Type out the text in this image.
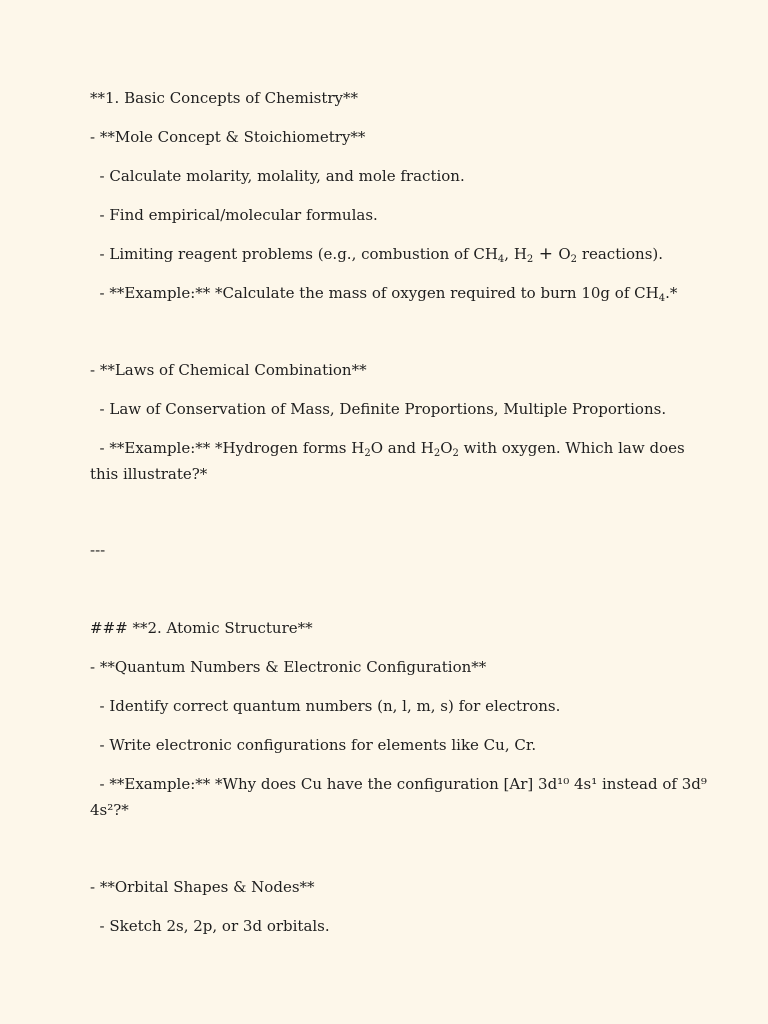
**1. Basic Concepts of Chemistry**
- **Mole Concept & Stoichiometry**
- Calculate molarity, molality, and mole fraction.
- Find empirical/molecular formulas.
- Limiting reagent problems (e.g., combustion of $CH_4$, $H_2 + O_2$ reactions).
- **Example:** *Calculate the mass of oxygen required to burn 10g of $CH_4.*$
- **Laws of Chemical Combination**
- Law of Conservation of Mass, Definite Proportions, Multiple Proportions.
- **Example:** *Hydrogen forms $H_2O$ and $H_2O_2$ with oxygen. Which law does
this illustrate?*
---
### **2. Atomic Structure**
- **Quantum Numbers & Electronic Configuration**
- Identify correct quantum numbers (n, l, m, s) for electrons.
- Write electronic configurations for elements like Cu, Cr.
- **Example:** *Why does Cu have the configuration [Ar] 3d¹⁰ 4s¹ instead of 3d⁹
4s²?*
- **Orbital Shapes & Nodes**
- Sketch 2s, 2p, or 3d orbitals.
